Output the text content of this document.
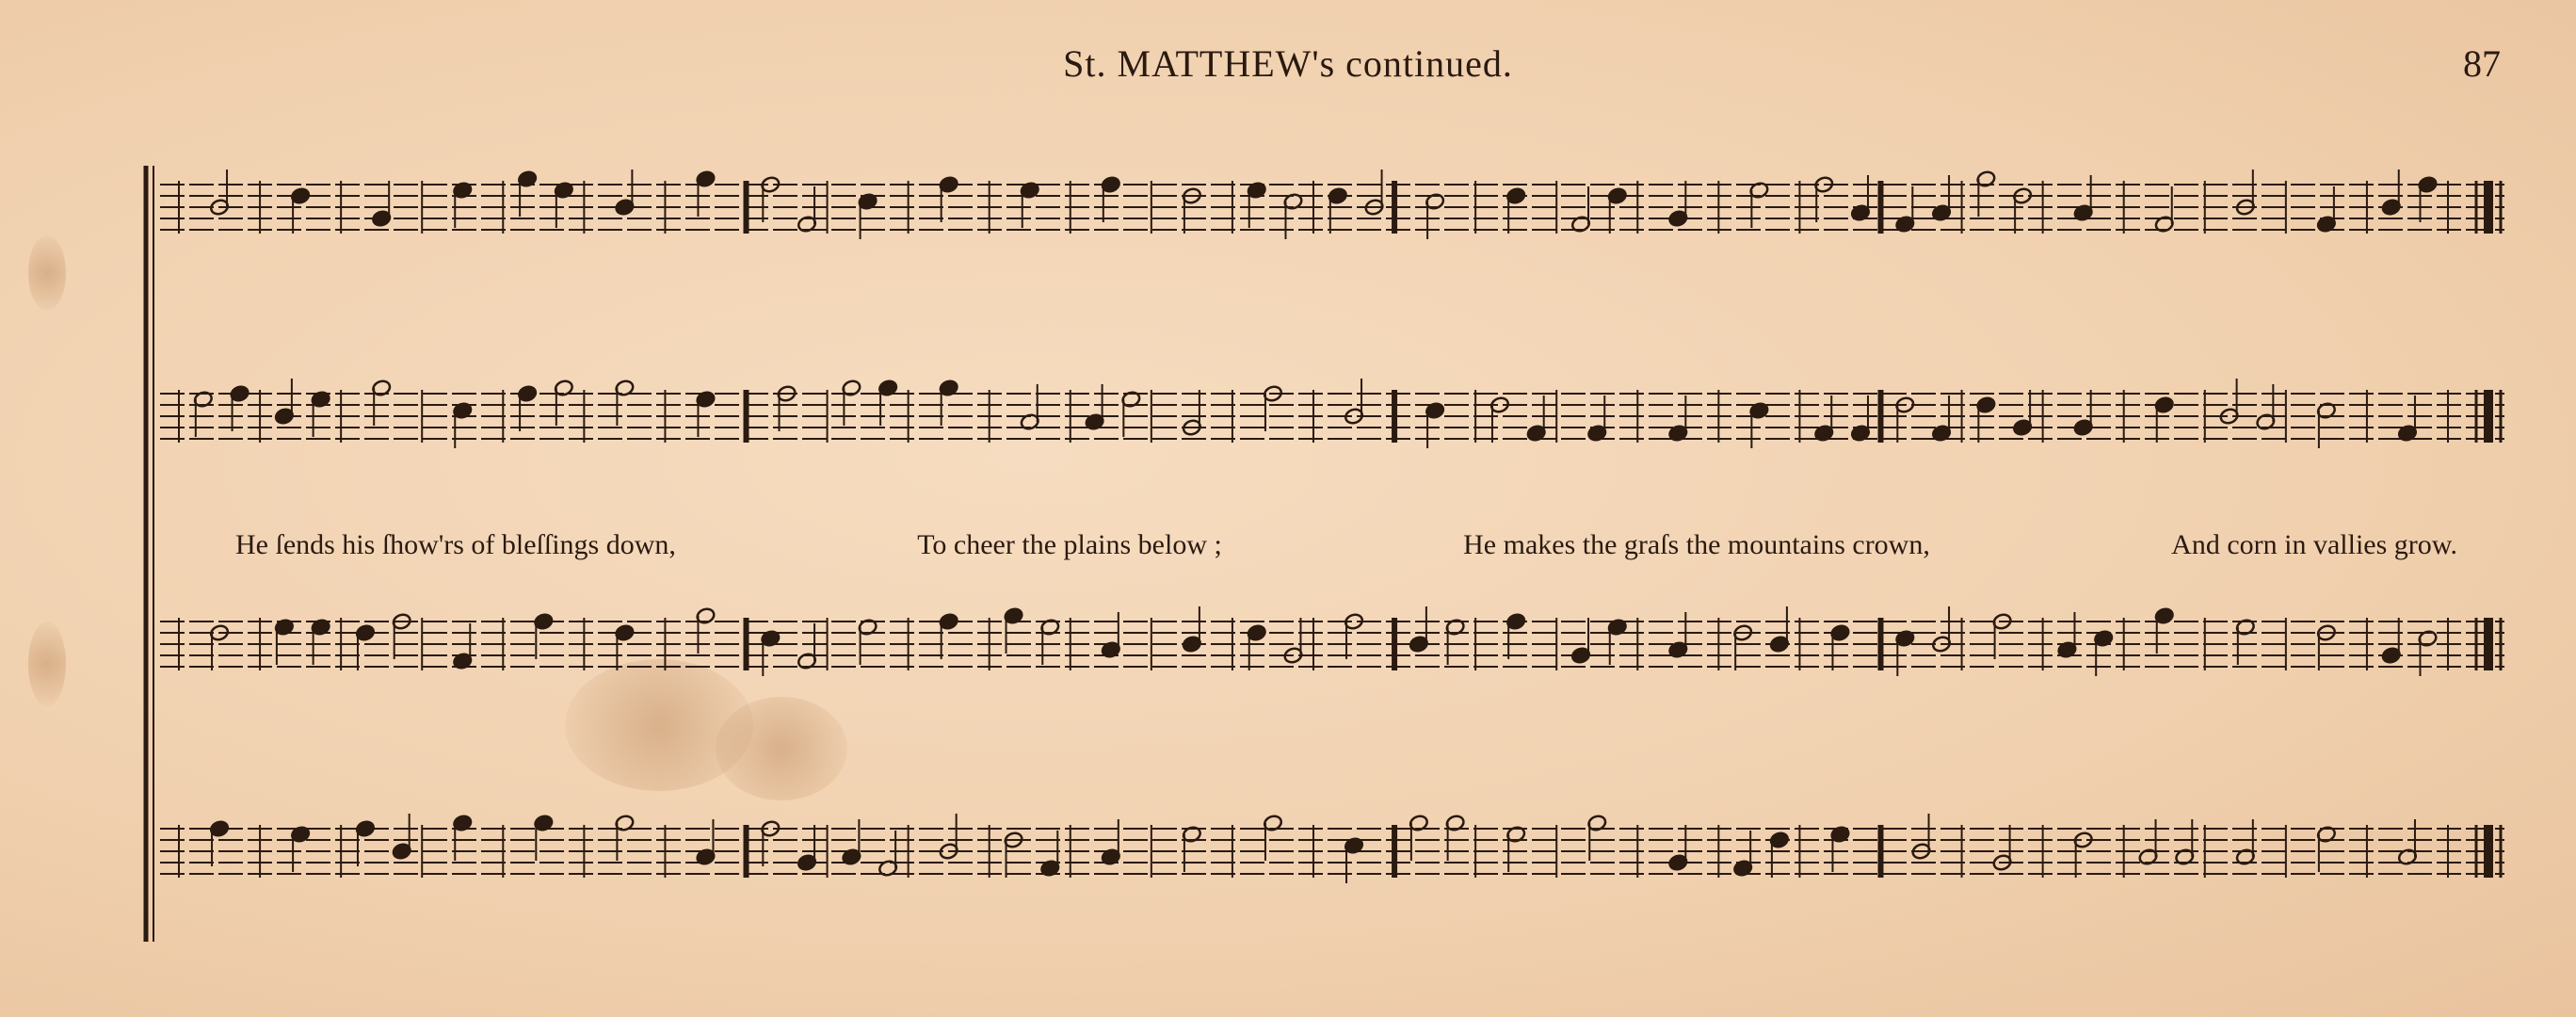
St. MATTHEW's continued.	87
He ſends his ſhow'rs of bleſſings down,	To cheer the plains below ;	He makes the graſs the mountains crown,	And corn in vallies grow.
